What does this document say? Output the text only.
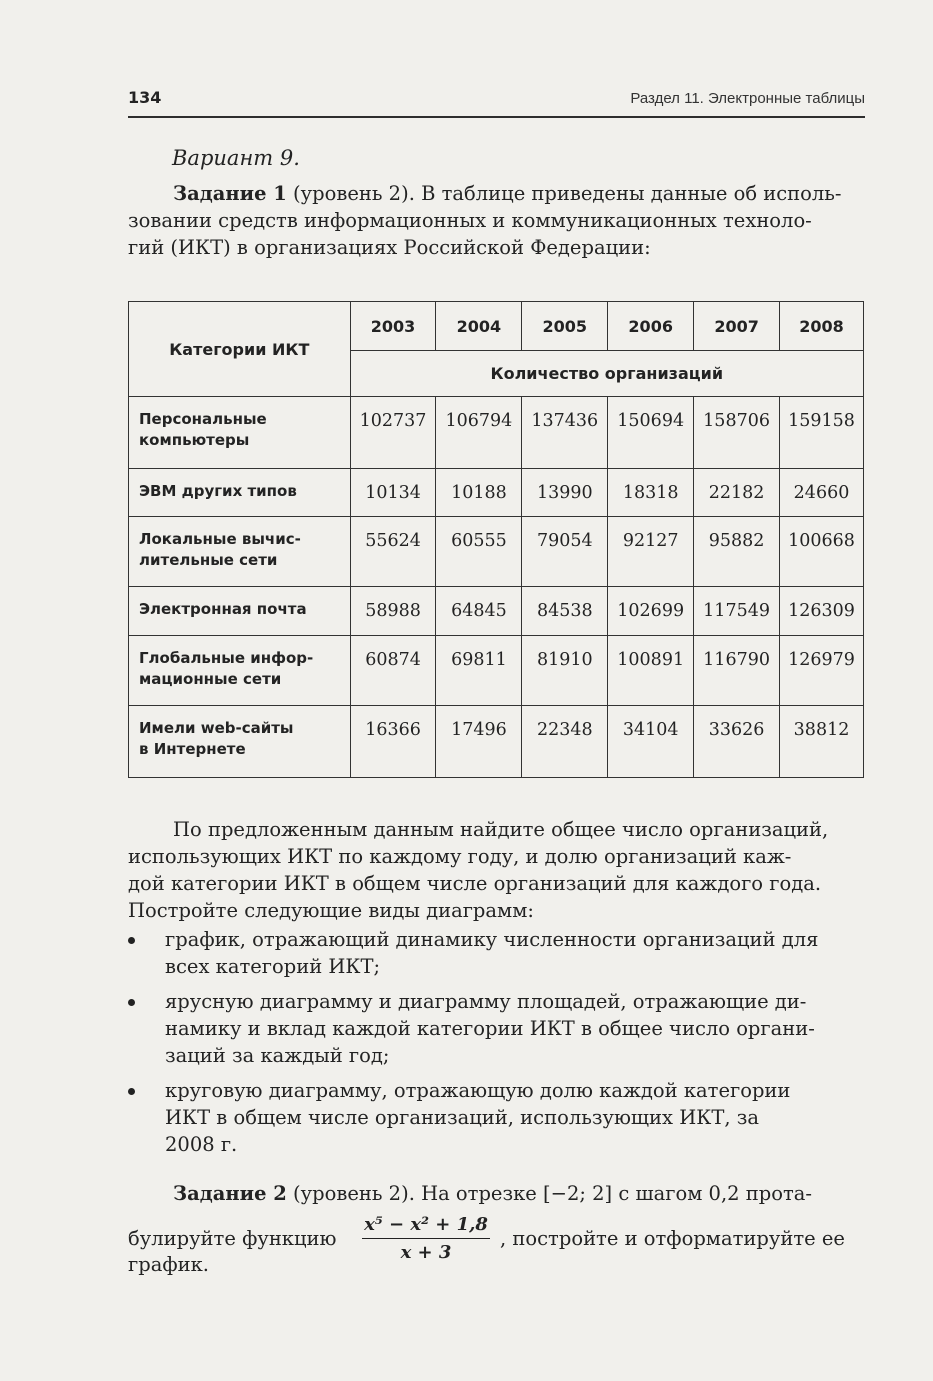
134	Раздел 11. Электронные таблицы
Вариант 9.
Задание 1 (уровень 2). В таблице приведены данные об исполь-
зовании средств информационных и коммуникационных техноло-
гий (ИКТ) в организациях Российской Федерации:
Категории ИКТ	2003	2004	2005	2006	2007	2008
	Количество организаций					
Персональные
компьютеры	102737	106794	137436	150694	158706	159158
ЭВМ других типов	10134	10188	13990	18318	22182	24660
Локальные вычис-
лительные сети	55624	60555	79054	92127	95882	100668
Электронная почта	58988	64845	84538	102699	117549	126309
Глобальные инфор-
мационные сети	60874	69811	81910	100891	116790	126979
Имели web-сайты
в Интернете	16366	17496	22348	34104	33626	38812
По предложенным данным найдите общее число организаций,
использующих ИКТ по каждому году, и долю организаций каж-
дой категории ИКТ в общем числе организаций для каждого года.
Постройте следующие виды диаграмм:
график, отражающий динамику численности организаций для
всех категорий ИКТ;
ярусную диаграмму и диаграмму площадей, отражающие ди-
намику и вклад каждой категории ИКТ в общее число органи-
заций за каждый год;
круговую диаграмму, отражающую долю каждой категории
ИКТ в общем числе организаций, использующих ИКТ, за
2008 г.
Задание 2 (уровень 2). На отрезке [−2; 2] с шагом 0,2 прота-
булируйте функцию	, постройте и отформатируйте ее
x⁵ − x² + 1,8
x + 3
график.
